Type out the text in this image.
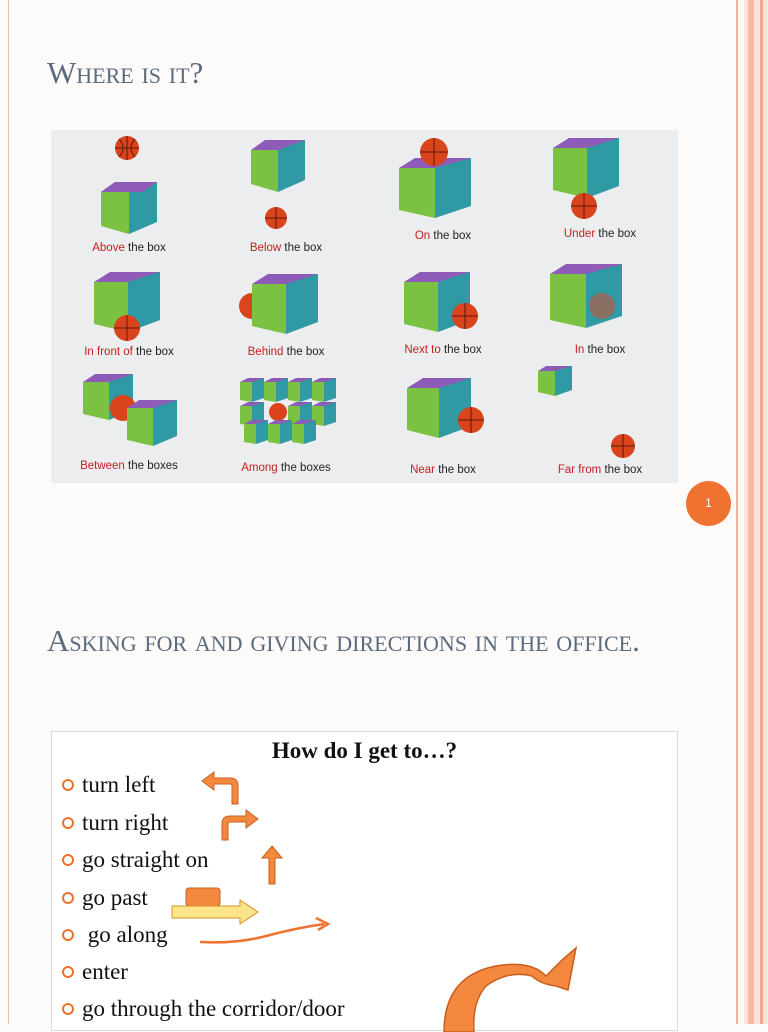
Where is it?
Above the box	Below the box
On the box	Under the box
In front of the box	Behind the box	Next to the box	In the box
Between the boxes	Among the boxes	Near the box	Far from the box
1
Asking for and giving directions in the office.
How do I get to…?
turn left
turn right
go straight on
go past
go along
enter
go through the corridor/door
